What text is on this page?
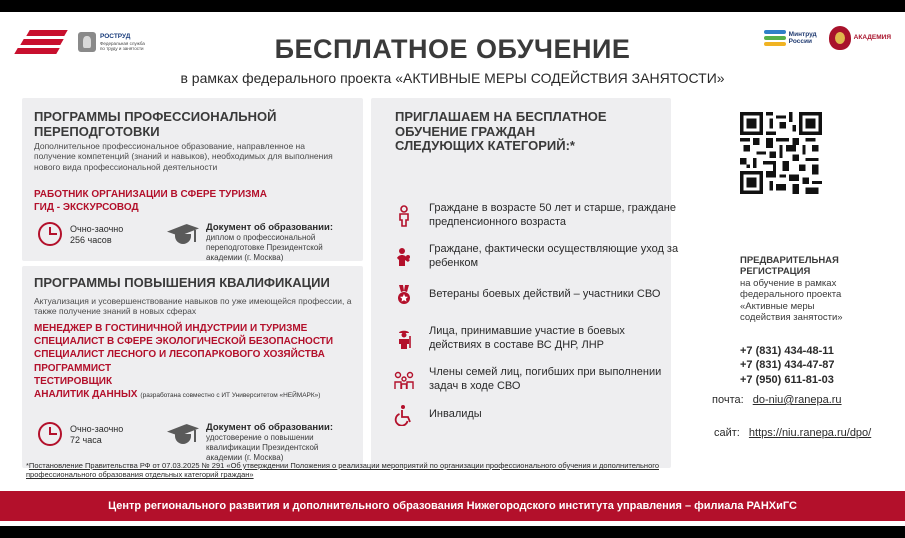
РОСТРУД
Федеральная служба по труду и занятости	БЕСПЛАТНОЕ ОБУЧЕНИЕ
в рамках федерального проекта «АКТИВНЫЕ МЕРЫ СОДЕЙСТВИЯ ЗАНЯТОСТИ»
Минтруд России
АКАДЕМИЯ
ПРОГРАММЫ ПРОФЕССИОНАЛЬНОЙ ПЕРЕПОДГОТОВКИ
Дополнительное профессиональное образование, направленное на получение компетенций (знаний и навыков), необходимых для выполнения нового вида профессиональной деятельности
РАБОТНИК ОРГАНИЗАЦИИ В СФЕРЕ ТУРИЗМА
ГИД - ЭКСКУРСОВОД
Очно-заочно
256 часов
Документ об образовании:
диплом о профессиональной переподготовке Президентской академии (г. Москва)
ПРОГРАММЫ ПОВЫШЕНИЯ КВАЛИФИКАЦИИ
Актуализация и усовершенствование навыков по уже имеющейся профессии, а также получение знаний в новых сферах
МЕНЕДЖЕР В ГОСТИНИЧНОЙ ИНДУСТРИИ И ТУРИЗМЕ
СПЕЦИАЛИСТ В СФЕРЕ ЭКОЛОГИЧЕСКОЙ БЕЗОПАСНОСТИ
СПЕЦИАЛИСТ ЛЕСНОГО И ЛЕСОПАРКОВОГО ХОЗЯЙСТВА
ПРОГРАММИСТ
ТЕСТИРОВЩИК
АНАЛИТИК ДАННЫХ (разработана совместно с ИТ Университетом «НЕЙМАРК»)
Очно-заочно
72 часа
Документ об образовании:
удостоверение о повышении квалификации Президентской академии (г. Москва)
ПРИГЛАШАЕМ НА БЕСПЛАТНОЕ ОБУЧЕНИЕ ГРАЖДАН СЛЕДУЮЩИХ КАТЕГОРИЙ:*
Граждане в возрасте 50 лет и старше, граждане предпенсионного возраста
Граждане, фактически осуществляющие уход за ребенком
Ветераны боевых действий – участники СВО
Лица, принимавшие участие в боевых действиях в составе ВС ДНР, ЛНР
Члены семей лиц, погибших при выполнении задач в ходе СВО
Инвалиды
ПРЕДВАРИТЕЛЬНАЯ РЕГИСТРАЦИЯ
на обучение в рамках федерального проекта «Активные меры содействия занятости»
+7 (831) 434-48-11
+7 (831) 434-47-87
+7 (950) 611-81-03
почта: do-niu@ranepa.ru
сайт: https://niu.ranepa.ru/dpo/
*Постановление Правительства РФ от 07.03.2025 № 291 «Об утверждении Положения о реализации мероприятий по организации профессионального обучения и дополнительного профессионального образования отдельных категорий граждан»
Центр регионального развития и дополнительного образования Нижегородского института управления – филиала РАНХиГС
